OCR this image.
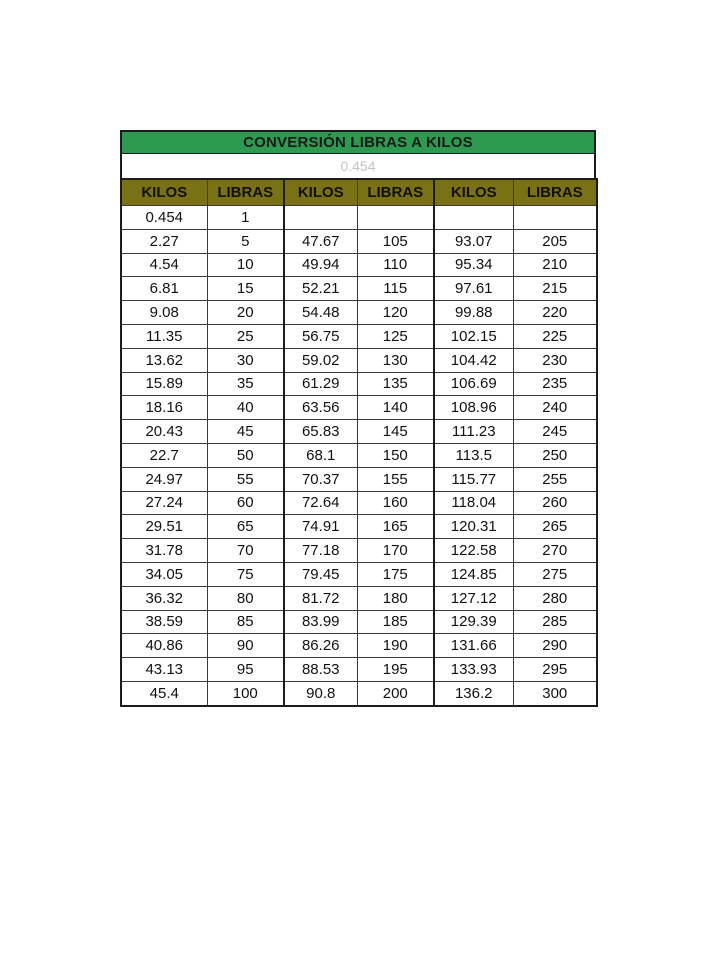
CONVERSIÓN LIBRAS A KILOS
0.454
KILOS	LIBRAS	KILOS	LIBRAS	KILOS	LIBRAS
0.454	1				
2.27	5	47.67	105	93.07	205
4.54	10	49.94	110	95.34	210
6.81	15	52.21	115	97.61	215
9.08	20	54.48	120	99.88	220
11.35	25	56.75	125	102.15	225
13.62	30	59.02	130	104.42	230
15.89	35	61.29	135	106.69	235
18.16	40	63.56	140	108.96	240
20.43	45	65.83	145	111.23	245
22.7	50	68.1	150	113.5	250
24.97	55	70.37	155	115.77	255
27.24	60	72.64	160	118.04	260
29.51	65	74.91	165	120.31	265
31.78	70	77.18	170	122.58	270
34.05	75	79.45	175	124.85	275
36.32	80	81.72	180	127.12	280
38.59	85	83.99	185	129.39	285
40.86	90	86.26	190	131.66	290
43.13	95	88.53	195	133.93	295
45.4	100	90.8	200	136.2	300
